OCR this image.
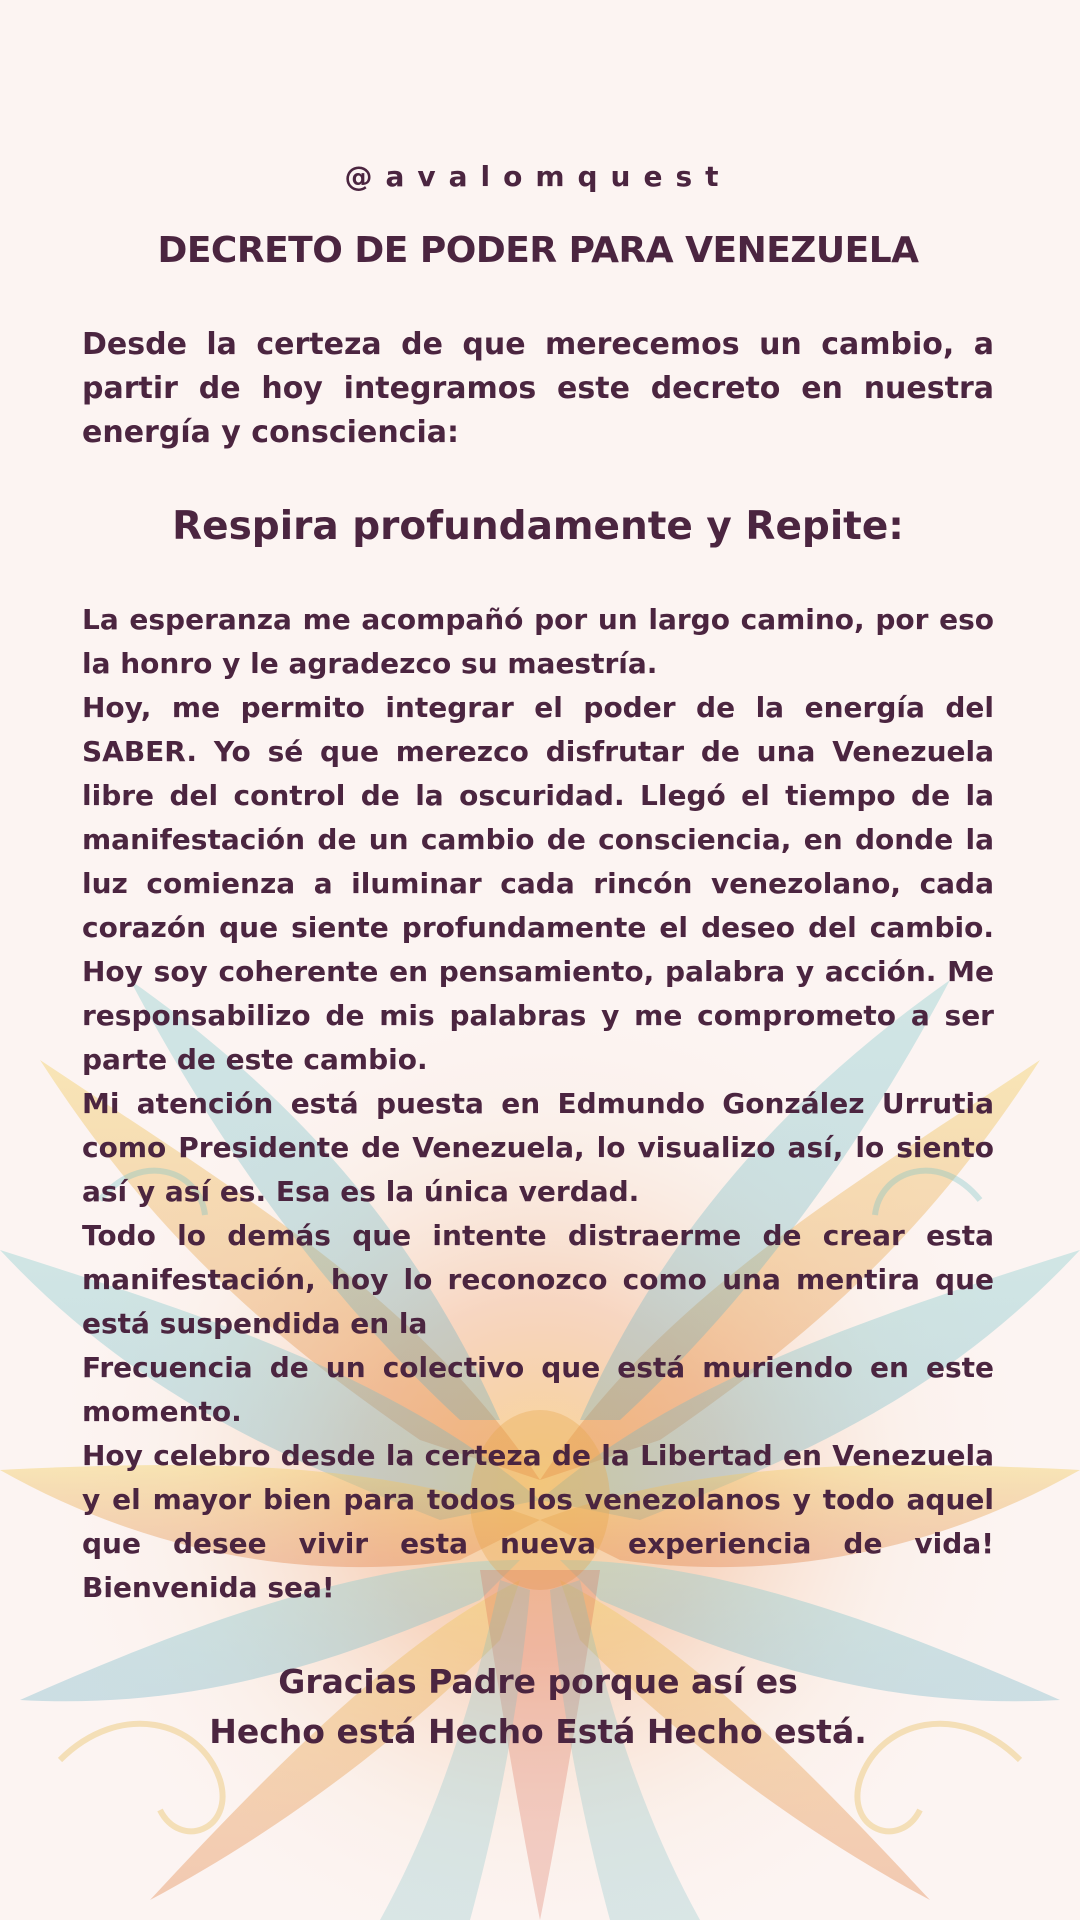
@avalomquest
DECRETO DE PODER PARA VENEZUELA

Desde la certeza de que merecemos un cambio, a partir de hoy integramos este decreto en nuestra energía y consciencia:

Respira profundamente y Repite:

La esperanza me acompañó por un largo camino, por eso la honro y le agradezco su maestría.

Hoy, me permito integrar el poder de la energía del SABER. Yo sé que merezco disfrutar de una Venezuela libre del control de la oscuridad. Llegó el tiempo de la manifestación de un cambio de consciencia, en donde la luz comienza a iluminar cada rincón venezolano, cada corazón que siente profundamente el deseo del cambio. Hoy soy coherente en pensamiento, palabra y acción. Me responsabilizo de mis palabras y me comprometo a ser parte de este cambio.

Mi atención está puesta en Edmundo González Urrutia como Presidente de Venezuela, lo visualizo así, lo siento así y así es. Esa es la única verdad.

Todo lo demás que intente distraerme de crear esta manifestación, hoy lo reconozco como una mentira que está suspendida en la

Frecuencia de un colectivo que está muriendo en este momento.

Hoy celebro desde la certeza de la Libertad en Venezuela y el mayor bien para todos los venezolanos y todo aquel que desee vivir esta nueva experiencia de vida! Bienvenida sea!

Gracias Padre porque así es
Hecho está Hecho Está Hecho está.
